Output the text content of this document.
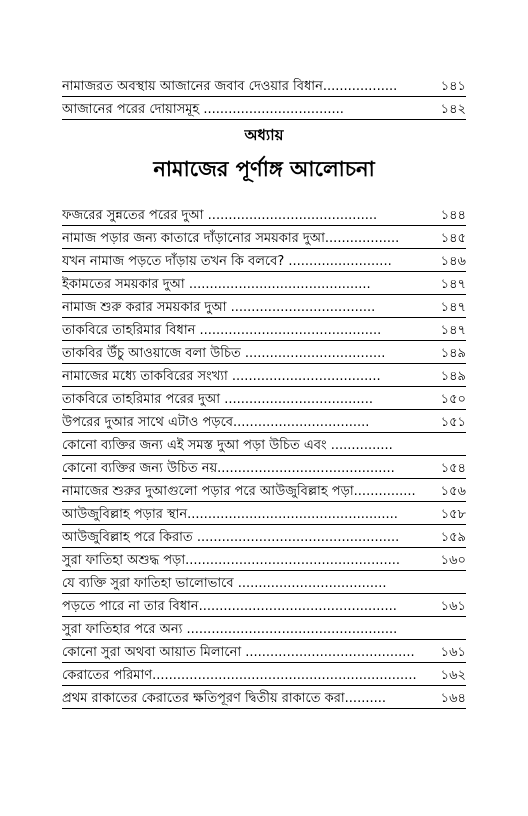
নামাজরত অবস্থায় আজানের জবাব দেওয়ার বিধান..................	১৪১
আজানের পরের দোয়াসমূহ ..................................	১৪২
অধ্যায়
নামাজের পূর্ণাঙ্গ আলোচনা
ফজরের সুন্নতের পরের দুআ .........................................	১৪৪
নামাজ পড়ার জন্য কাতারে দাঁড়ানোর সময়কার দুআ..................	১৪৫
যখন নামাজ পড়তে দাঁড়ায় তখন কি বলবে? .........................	১৪৬
ইকামতের সময়কার দুআ ............................................	১৪৭
নামাজ শুরু করার সময়কার দুআ ...................................	১৪৭
তাকবিরে তাহরিমার বিধান ............................................	১৪৭
তাকবির উঁচু আওয়াজে বলা উচিত ..................................	১৪৯
নামাজের মধ্যে তাকবিরের সংখ্যা ....................................	১৪৯
তাকবিরে তাহরিমার পরের দুআ ....................................	১৫০
উপরের দুআর সাথে এটাও পড়বে.................................	১৫১
কোনো ব্যক্তির জন্য এই সমস্ত দুআ পড়া উচিত এবং ...............
কোনো ব্যক্তির জন্য উচিত নয়...........................................	১৫৪
নামাজের শুরুর দুআগুলো পড়ার পরে আউজুবিল্লাহ পড়া............... ১৫৬
আউজুবিল্লাহ পড়ার স্থান...................................................	১৫৮
আউজুবিল্লাহ পরে কিরাত .................................................	১৫৯
সুরা ফাতিহা অশুদ্ধ পড়া....................................................	১৬০
যে ব্যক্তি সুরা ফাতিহা ভালোভাবে ....................................
পড়তে পারে না তার বিধান................................................	১৬১
সুরা ফাতিহার পরে অন্য ...................................................
কোনো সুরা অথবা আয়াত মিলানো ......................................... ১৬১
কেরাতের পরিমাণ................................................................ ১৬২
প্রথম রাকাতের কেরাতের ক্ষতিপূরণ দ্বিতীয় রাকাতে করা..........	১৬৪
